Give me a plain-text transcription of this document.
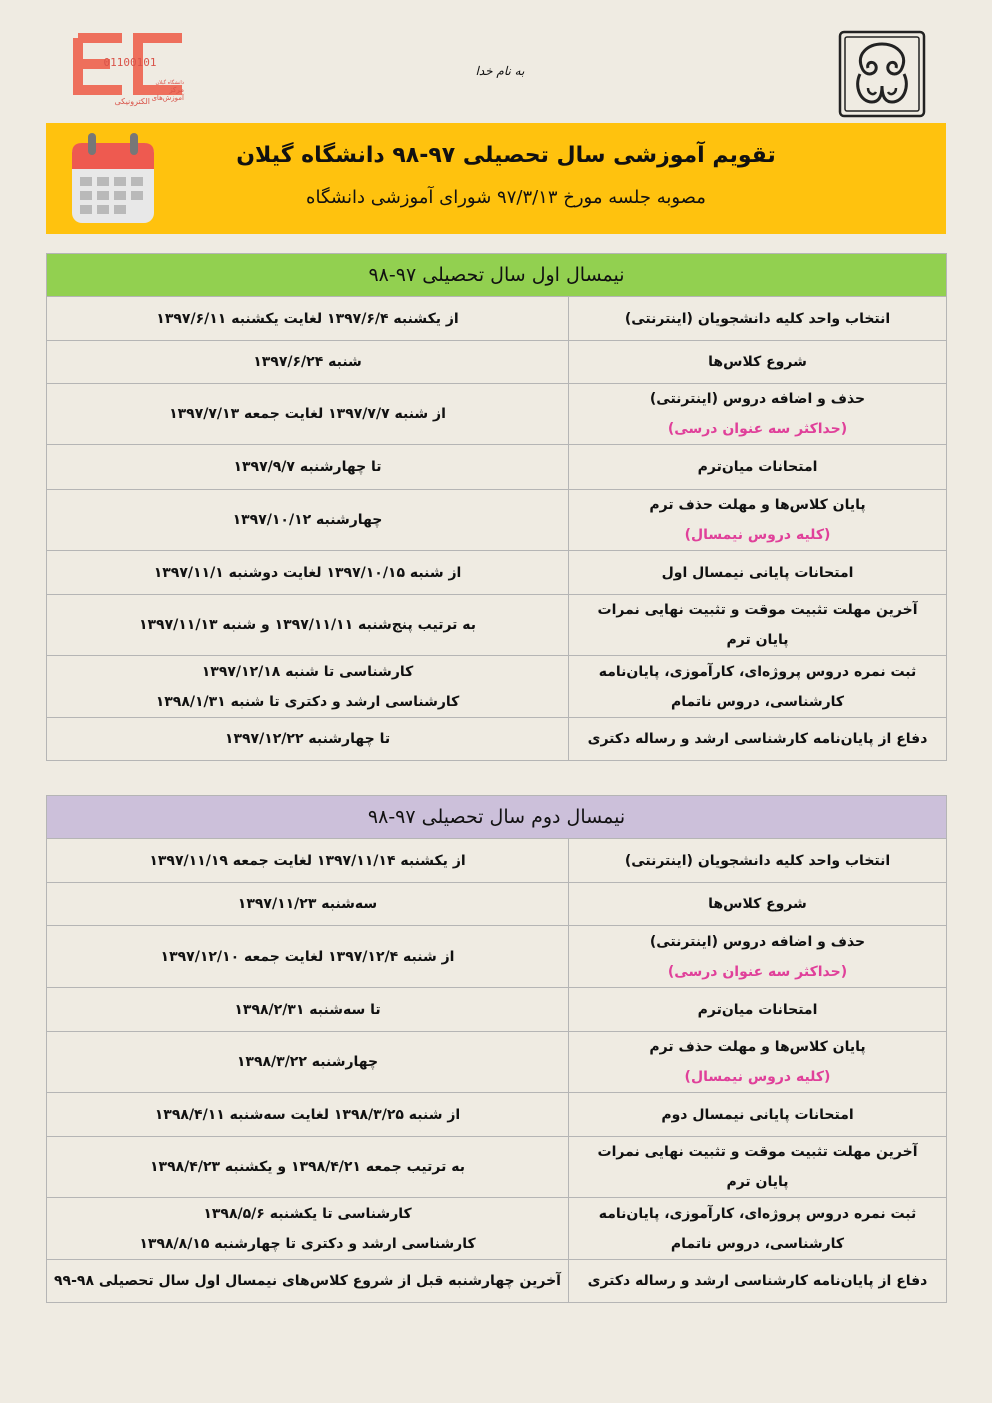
01100101
دانشگاه گیلان
مرکز
آموزش‌های
الکترونیکی
به نام خدا
تقویم آموزشی سال تحصیلی ۹۷-۹۸ دانشگاه گیلان
مصوبه جلسه مورخ ۹۷/۳/۱۳ شورای آموزشی دانشگاه
نیمسال اول سال تحصیلی ۹۷-۹۸	
انتخاب واحد کلیه دانشجویان (اینترنتی)	از یکشنبه ۱۳۹۷/۶/۴ لغایت یکشنبه ۱۳۹۷/۶/۱۱
شروع کلاس‌ها	شنبه ۱۳۹۷/۶/۲۴

حذف و اضافه دروس (اینترنتی)
(حداکثر سه عنوان درسی)	از شنبه ۱۳۹۷/۷/۷ لغایت جمعه ۱۳۹۷/۷/۱۳
امتحانات میان‌ترم	تا چهارشنبه ۱۳۹۷/۹/۷

پایان کلاس‌ها و مهلت حذف ترم
(کلیه دروس نیمسال)	چهارشنبه ۱۳۹۷/۱۰/۱۲
امتحانات پایانی نیمسال اول	از شنبه ۱۳۹۷/۱۰/۱۵ لغایت دوشنبه ۱۳۹۷/۱۱/۱

آخرین مهلت تثبیت موقت و تثبیت نهایی نمرات
پایان ترم	به ترتیب پنج‌شنبه ۱۳۹۷/۱۱/۱۱ و شنبه ۱۳۹۷/۱۱/۱۳

ثبت نمره دروس پروژه‌ای، کارآموزی، پایان‌نامه
کارشناسی، دروس ناتمام	کارشناسی تا شنبه ۱۳۹۷/۱۲/۱۸
کارشناسی ارشد و دکتری تا شنبه ۱۳۹۸/۱/۳۱

دفاع از پایان‌نامه کارشناسی ارشد و رساله دکتری	تا چهارشنبه ۱۳۹۷/۱۲/۲۲
نیمسال دوم سال تحصیلی ۹۷-۹۸	
انتخاب واحد کلیه دانشجویان (اینترنتی)	از یکشنبه ۱۳۹۷/۱۱/۱۴ لغایت جمعه ۱۳۹۷/۱۱/۱۹
شروع کلاس‌ها	سه‌شنبه ۱۳۹۷/۱۱/۲۳

حذف و اضافه دروس (اینترنتی)
(حداکثر سه عنوان درسی)	از شنبه ۱۳۹۷/۱۲/۴ لغایت جمعه ۱۳۹۷/۱۲/۱۰
امتحانات میان‌ترم	تا سه‌شنبه ۱۳۹۸/۲/۳۱

پایان کلاس‌ها و مهلت حذف ترم
(کلیه دروس نیمسال)	چهارشنبه ۱۳۹۸/۳/۲۲
امتحانات پایانی نیمسال دوم	از شنبه ۱۳۹۸/۳/۲۵ لغایت سه‌شنبه ۱۳۹۸/۴/۱۱

آخرین مهلت تثبیت موقت و تثبیت نهایی نمرات
پایان ترم	به ترتیب جمعه ۱۳۹۸/۴/۲۱ و یکشنبه ۱۳۹۸/۴/۲۳

ثبت نمره دروس پروژه‌ای، کارآموزی، پایان‌نامه
کارشناسی، دروس ناتمام	کارشناسی تا یکشنبه ۱۳۹۸/۵/۶
کارشناسی ارشد و دکتری تا چهارشنبه ۱۳۹۸/۸/۱۵

دفاع از پایان‌نامه کارشناسی ارشد و رساله دکتری	آخرین چهارشنبه قبل از شروع کلاس‌های نیمسال اول سال تحصیلی ۹۸-۹۹
